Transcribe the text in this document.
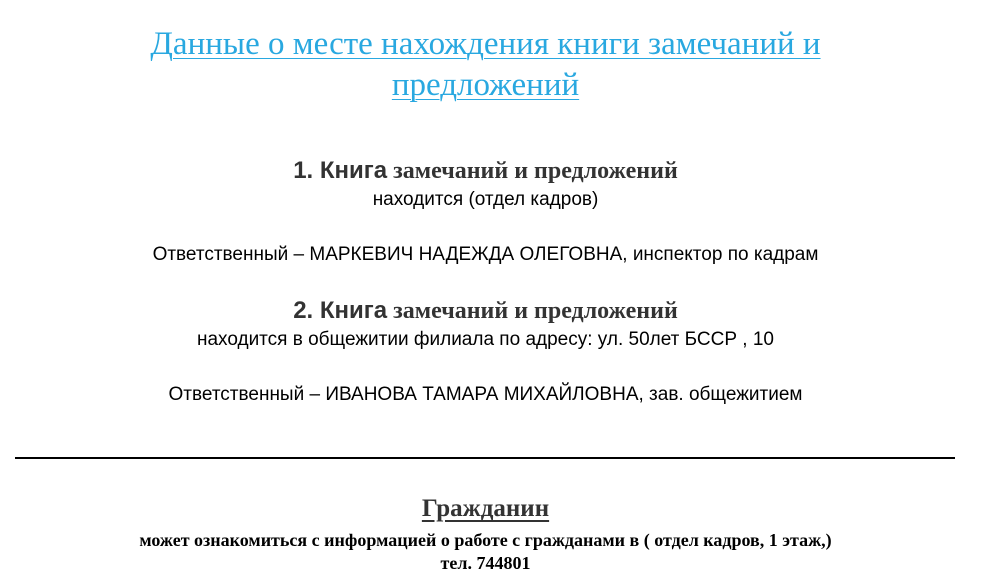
Данные о месте нахождения книги замечаний и
предложений
1. Книга замечаний и предложений
находится (отдел кадров)
Ответственный – МАРКЕВИЧ НАДЕЖДА ОЛЕГОВНА, инспектор по кадрам
2. Книга замечаний и предложений
находится в общежитии филиала по адресу: ул. 50лет БССР , 10
Ответственный – ИВАНОВА ТАМАРА МИХАЙЛОВНА, зав. общежитием
Гражданин
может ознакомиться с информацией о работе с гражданами в ( отдел кадров, 1 этаж,)
тел. 744801
